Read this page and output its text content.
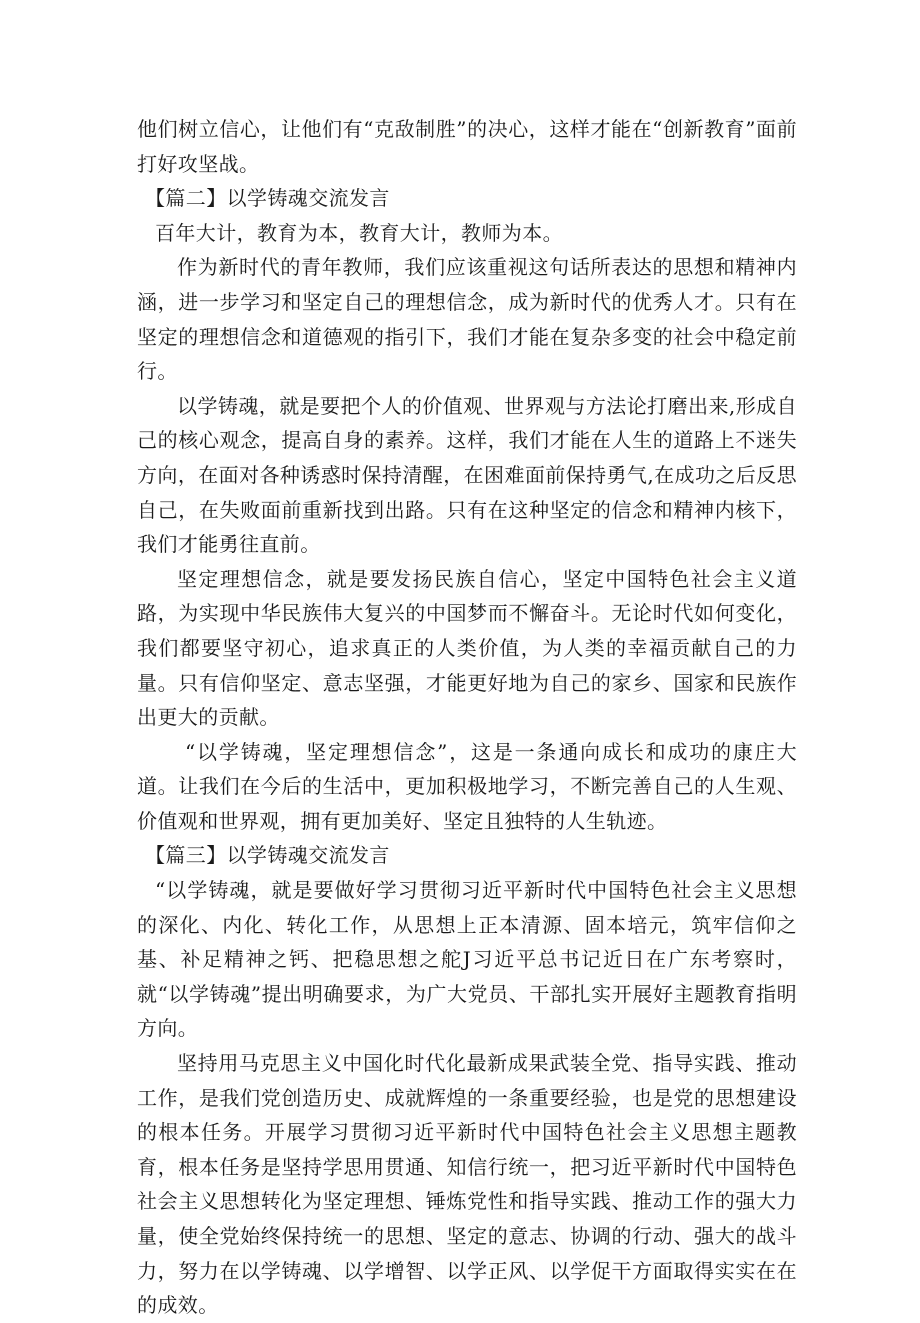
他们树立信心，让他们有“克敌制胜”的决心，这样才能在“创新教育”面前打好攻坚战。

【篇二】以学铸魂交流发言

百年大计，教育为本，教育大计，教师为本。

作为新时代的青年教师，我们应该重视这句话所表达的思想和精神内涵，进一步学习和坚定自己的理想信念，成为新时代的优秀人才。只有在坚定的理想信念和道德观的指引下，我们才能在复杂多变的社会中稳定前行。

以学铸魂，就是要把个人的价值观、世界观与方法论打磨出来,形成自己的核心观念，提高自身的素养。这样，我们才能在人生的道路上不迷失方向，在面对各种诱惑时保持清醒，在困难面前保持勇气,在成功之后反思自己，在失败面前重新找到出路。只有在这种坚定的信念和精神内核下，我们才能勇往直前。

坚定理想信念，就是要发扬民族自信心，坚定中国特色社会主义道路，为实现中华民族伟大复兴的中国梦而不懈奋斗。无论时代如何变化，我们都要坚守初心，追求真正的人类价值，为人类的幸福贡献自己的力量。只有信仰坚定、意志坚强，才能更好地为自己的家乡、国家和民族作出更大的贡献。

“以学铸魂，坚定理想信念”，这是一条通向成长和成功的康庄大道。让我们在今后的生活中，更加积极地学习，不断完善自己的人生观、价值观和世界观，拥有更加美好、坚定且独特的人生轨迹。

【篇三】以学铸魂交流发言

“以学铸魂，就是要做好学习贯彻习近平新时代中国特色社会主义思想的深化、内化、转化工作，从思想上正本清源、固本培元，筑牢信仰之基、补足精神之钙、把稳思想之舵J习近平总书记近日在广东考察时，就“以学铸魂”提出明确要求，为广大党员、干部扎实开展好主题教育指明方向。

坚持用马克思主义中国化时代化最新成果武装全党、指导实践、推动工作，是我们党创造历史、成就辉煌的一条重要经验，也是党的思想建设的根本任务。开展学习贯彻习近平新时代中国特色社会主义思想主题教育，根本任务是坚持学思用贯通、知信行统一，把习近平新时代中国特色社会主义思想转化为坚定理想、锤炼党性和指导实践、推动工作的强大力量，使全党始终保持统一的思想、坚定的意志、协调的行动、强大的战斗力，努力在以学铸魂、以学增智、以学正风、以学促干方面取得实实在在的成效。
